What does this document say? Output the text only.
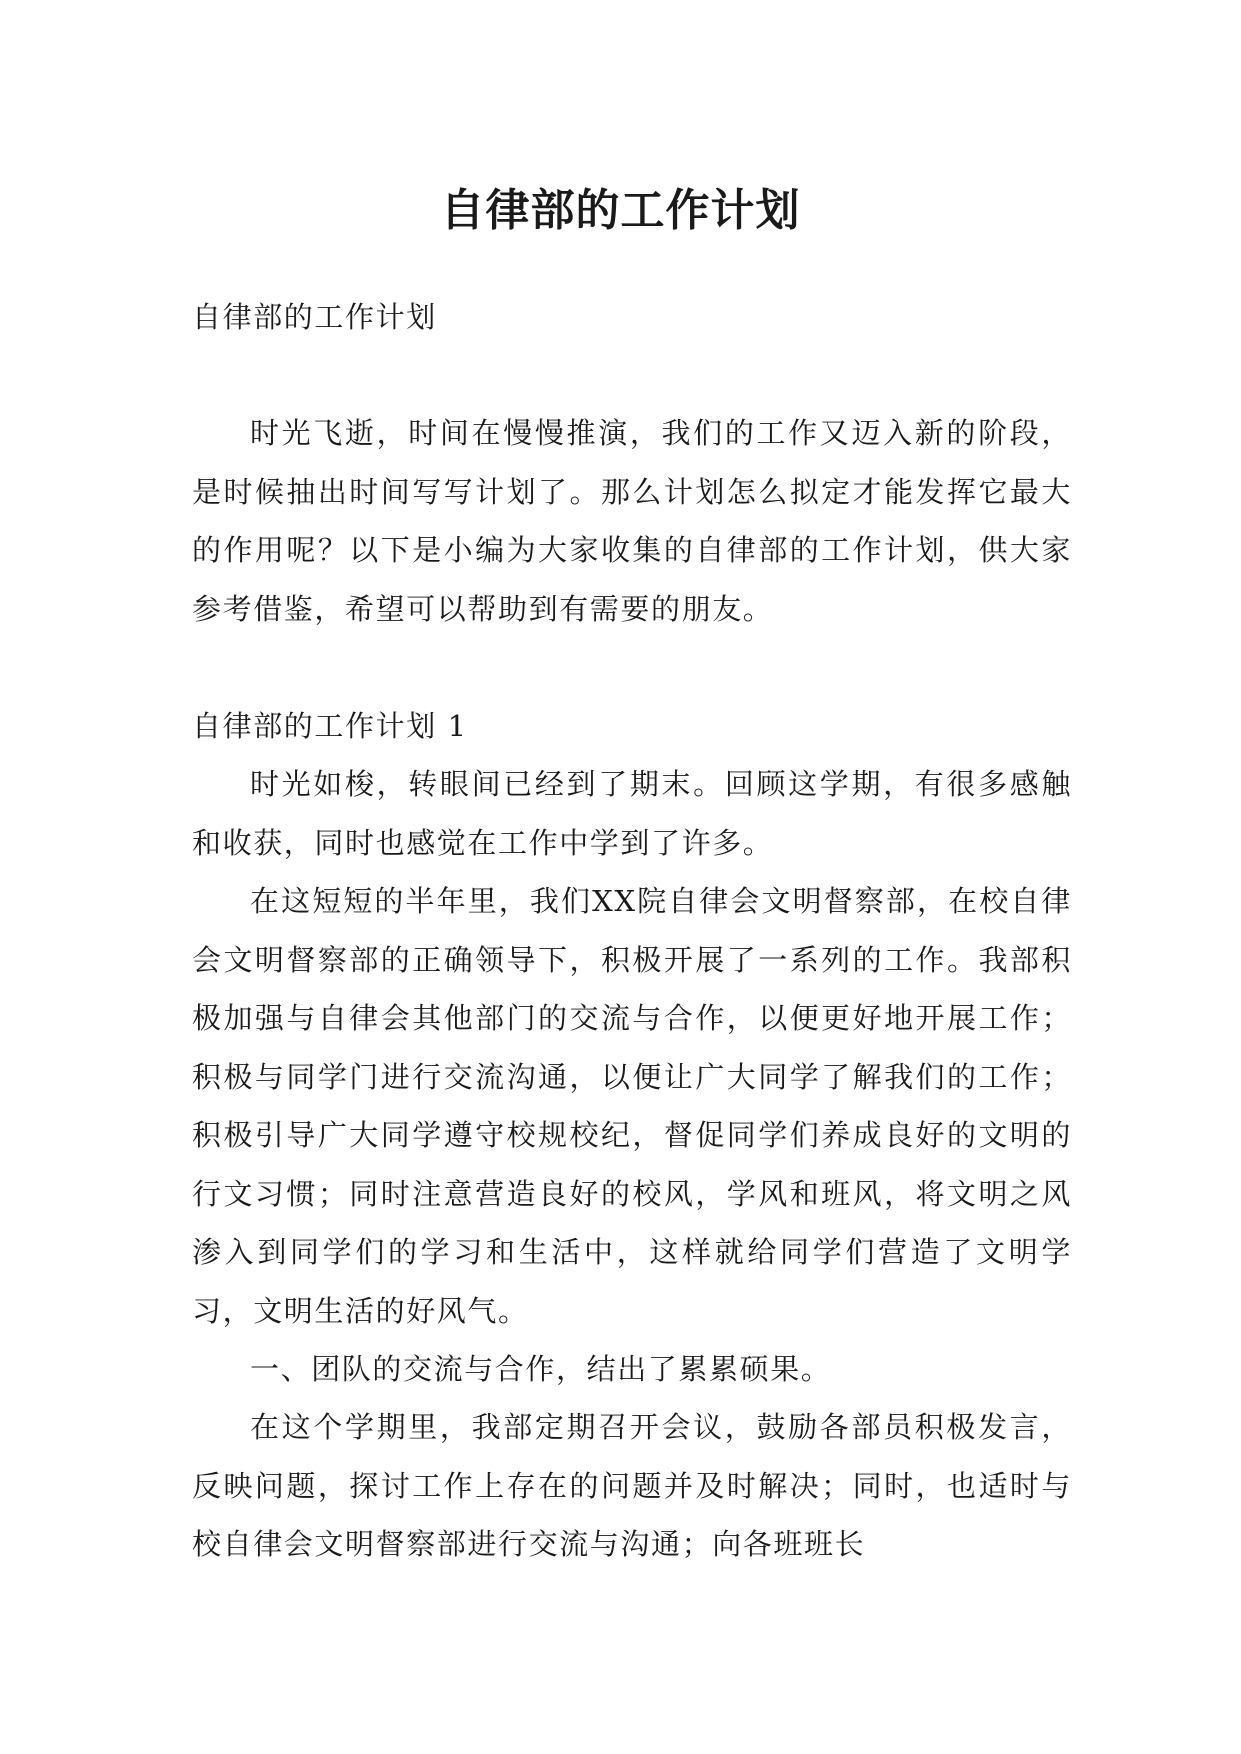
自律部的工作计划

自律部的工作计划

时光飞逝，时间在慢慢推演，我们的工作又迈入新的阶段，是时候抽出时间写写计划了。那么计划怎么拟定才能发挥它最大的作用呢？以下是小编为大家收集的自律部的工作计划，供大家参考借鉴，希望可以帮助到有需要的朋友。

自律部的工作计划 1

时光如梭，转眼间已经到了期末。回顾这学期，有很多感触和收获，同时也感觉在工作中学到了许多。

在这短短的半年里，我们XX院自律会文明督察部，在校自律会文明督察部的正确领导下，积极开展了一系列的工作。我部积极加强与自律会其他部门的交流与合作，以便更好地开展工作；积极与同学门进行交流沟通，以便让广大同学了解我们的工作；积极引导广大同学遵守校规校纪，督促同学们养成良好的文明的行文习惯；同时注意营造良好的校风，学风和班风，将文明之风渗入到同学们的学习和生活中，这样就给同学们营造了文明学习，文明生活的好风气。

一、团队的交流与合作，结出了累累硕果。

在这个学期里，我部定期召开会议，鼓励各部员积极发言，反映问题，探讨工作上存在的问题并及时解决；同时，也适时与校自律会文明督察部进行交流与沟通；向各班班长
